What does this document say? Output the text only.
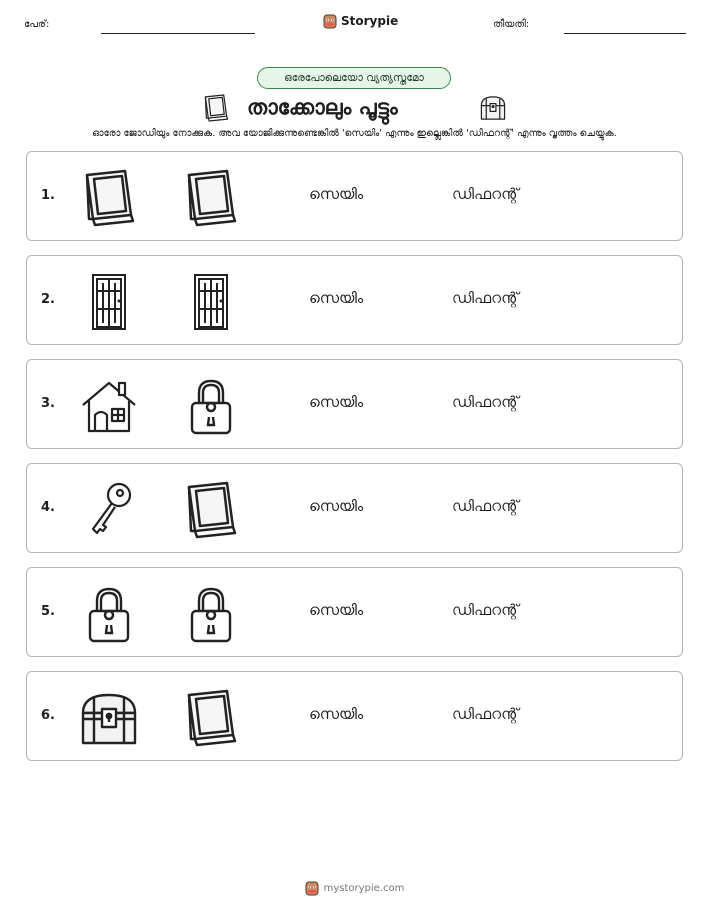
പേര്:	Storypie	തീയതി:
ഒരേപോലെയോ വ്യത്യസ്തമോ
താക്കോലും പൂട്ടും
ഓരോ ജോഡിയും നോക്കുക. അവ യോജിക്കുന്നുണ്ടെങ്കിൽ 'സെയിം' എന്നും ഇല്ലെങ്കിൽ 'ഡിഫറന്റ്' എന്നും വൃത്തം ചെയ്യുക.
1.	സെയിം	ഡിഫറന്റ്
2.	സെയിം	ഡിഫറന്റ്
3.	സെയിം	ഡിഫറന്റ്
4.	സെയിം	ഡിഫറന്റ്
5.	സെയിം	ഡിഫറന്റ്
6.	സെയിം	ഡിഫറന്റ്
mystorypie.com
